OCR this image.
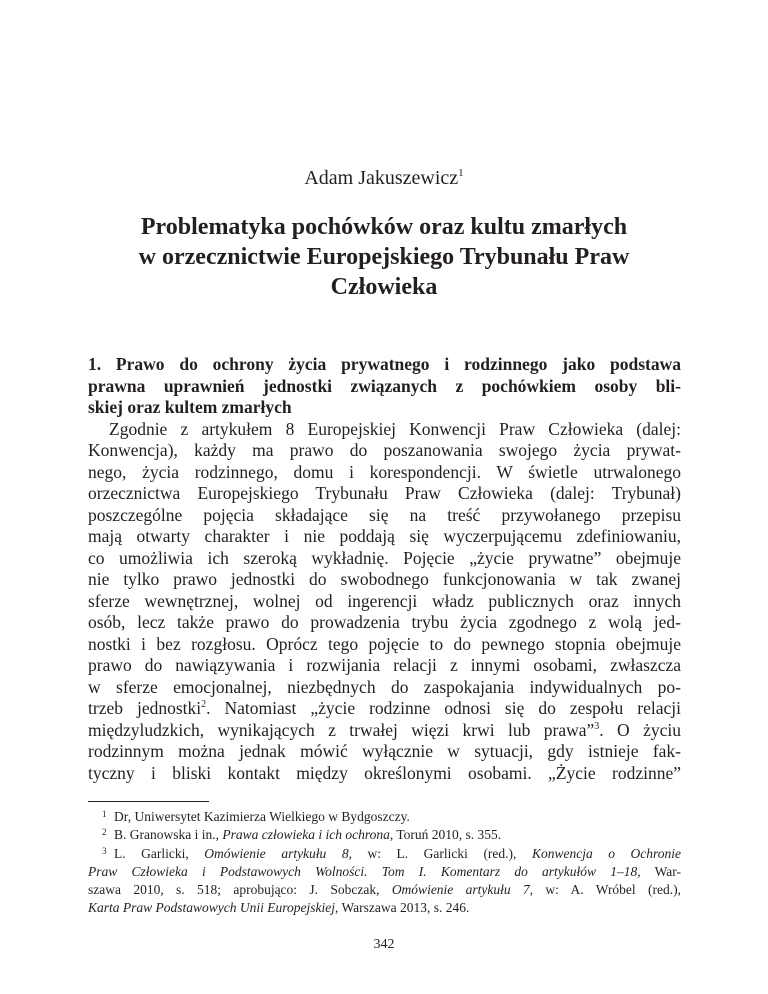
Adam Jakuszewicz$^1$
Problematyka pochówków oraz kultu zmarłych
w orzecznictwie Europejskiego Trybunału Praw
Człowieka
1. Prawo do ochrony życia prywatnego i rodzinnego jako podstawa
prawna uprawnień jednostki związanych z pochówkiem osoby bli-
skiej oraz kultem zmarłych
Zgodnie z artykułem 8 Europejskiej Konwencji Praw Człowieka (dalej:
Konwencja), każdy ma prawo do poszanowania swojego życia prywat-
nego, życia rodzinnego, domu i korespondencji. W świetle utrwalonego
orzecznictwa Europejskiego Trybunału Praw Człowieka (dalej: Trybunał)
poszczególne pojęcia składające się na treść przywołanego przepisu
mają otwarty charakter i nie poddają się wyczerpującemu zdefiniowaniu,
co umożliwia ich szeroką wykładnię. Pojęcie „życie prywatne” obejmuje
nie tylko prawo jednostki do swobodnego funkcjonowania w tak zwanej
sferze wewnętrznej, wolnej od ingerencji władz publicznych oraz innych
osób, lecz także prawo do prowadzenia trybu życia zgodnego z wolą jed-
nostki i bez rozgłosu. Oprócz tego pojęcie to do pewnego stopnia obejmuje
prawo do nawiązywania i rozwijania relacji z innymi osobami, zwłaszcza
w sferze emocjonalnej, niezbędnych do zaspokajania indywidualnych po-
trzeb jednostki$^2$. Natomiast „życie rodzinne odnosi się do zespołu relacji
międzyludzkich, wynikających z trwałej więzi krwi lub prawa”$^3$. O życiu
rodzinnym można jednak mówić wyłącznie w sytuacji, gdy istnieje fak-
tyczny i bliski kontakt między określonymi osobami. „Życie rodzinne”
1 Dr, Uniwersytet Kazimierza Wielkiego w Bydgoszczy.
2 B. Granowska i in., Prawa człowieka i ich ochrona, Toruń 2010, s. 355.
3 L. Garlicki, Omówienie artykułu 8, w: L. Garlicki (red.), Konwencja o Ochronie
Praw Człowieka i Podstawowych Wolności. Tom I. Komentarz do artykułów 1–18, War-
szawa 2010, s. 518; aprobująco: J. Sobczak, Omówienie artykułu 7, w: A. Wróbel (red.),
Karta Praw Podstawowych Unii Europejskiej, Warszawa 2013, s. 246.
342
